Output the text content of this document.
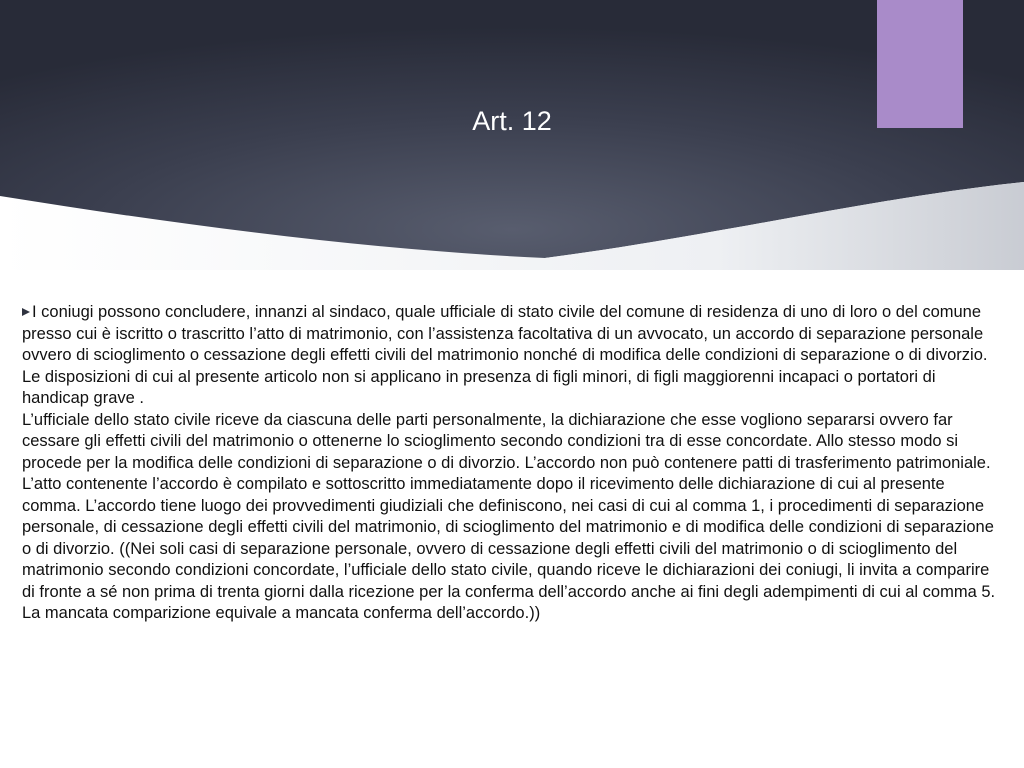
Art. 12
I coniugi possono concludere, innanzi al sindaco, quale ufficiale di stato civile del comune di residenza di uno di loro o del comune presso cui è iscritto o trascritto l’atto di matrimonio, con l’assistenza facoltativa di un avvocato, un accordo di separazione personale ovvero di scioglimento o cessazione degli effetti civili del matrimonio nonché di modifica delle condizioni di separazione o di divorzio.
Le disposizioni di cui al presente articolo non si applicano in presenza di figli minori, di figli maggiorenni incapaci o portatori di handicap grave .
L’ufficiale dello stato civile riceve da ciascuna delle parti personalmente, la dichiarazione che esse vogliono separarsi ovvero far cessare gli effetti civili del matrimonio o ottenerne lo scioglimento secondo condizioni tra di esse concordate. Allo stesso modo si procede per la modifica delle condizioni di separazione o di divorzio. L’accordo non può contenere patti di trasferimento patrimoniale. L’atto contenente l’accordo è compilato e sottoscritto immediatamente dopo il ricevimento delle dichiarazione di cui al presente comma. L’accordo tiene luogo dei provvedimenti giudiziali che definiscono, nei casi di cui al comma 1, i procedimenti di separazione personale, di cessazione degli effetti civili del matrimonio, di scioglimento del matrimonio e di modifica delle condizioni di separazione o di divorzio. ((Nei soli casi di separazione personale, ovvero di cessazione degli effetti civili del matrimonio o di scioglimento del matrimonio secondo condizioni concordate, l’ufficiale dello stato civile, quando riceve le dichiarazioni dei coniugi, li invita a comparire di fronte a sé non prima di trenta giorni dalla ricezione per la conferma dell’accordo anche ai fini degli adempimenti di cui al comma 5. La mancata comparizione equivale a mancata conferma dell’accordo.))
